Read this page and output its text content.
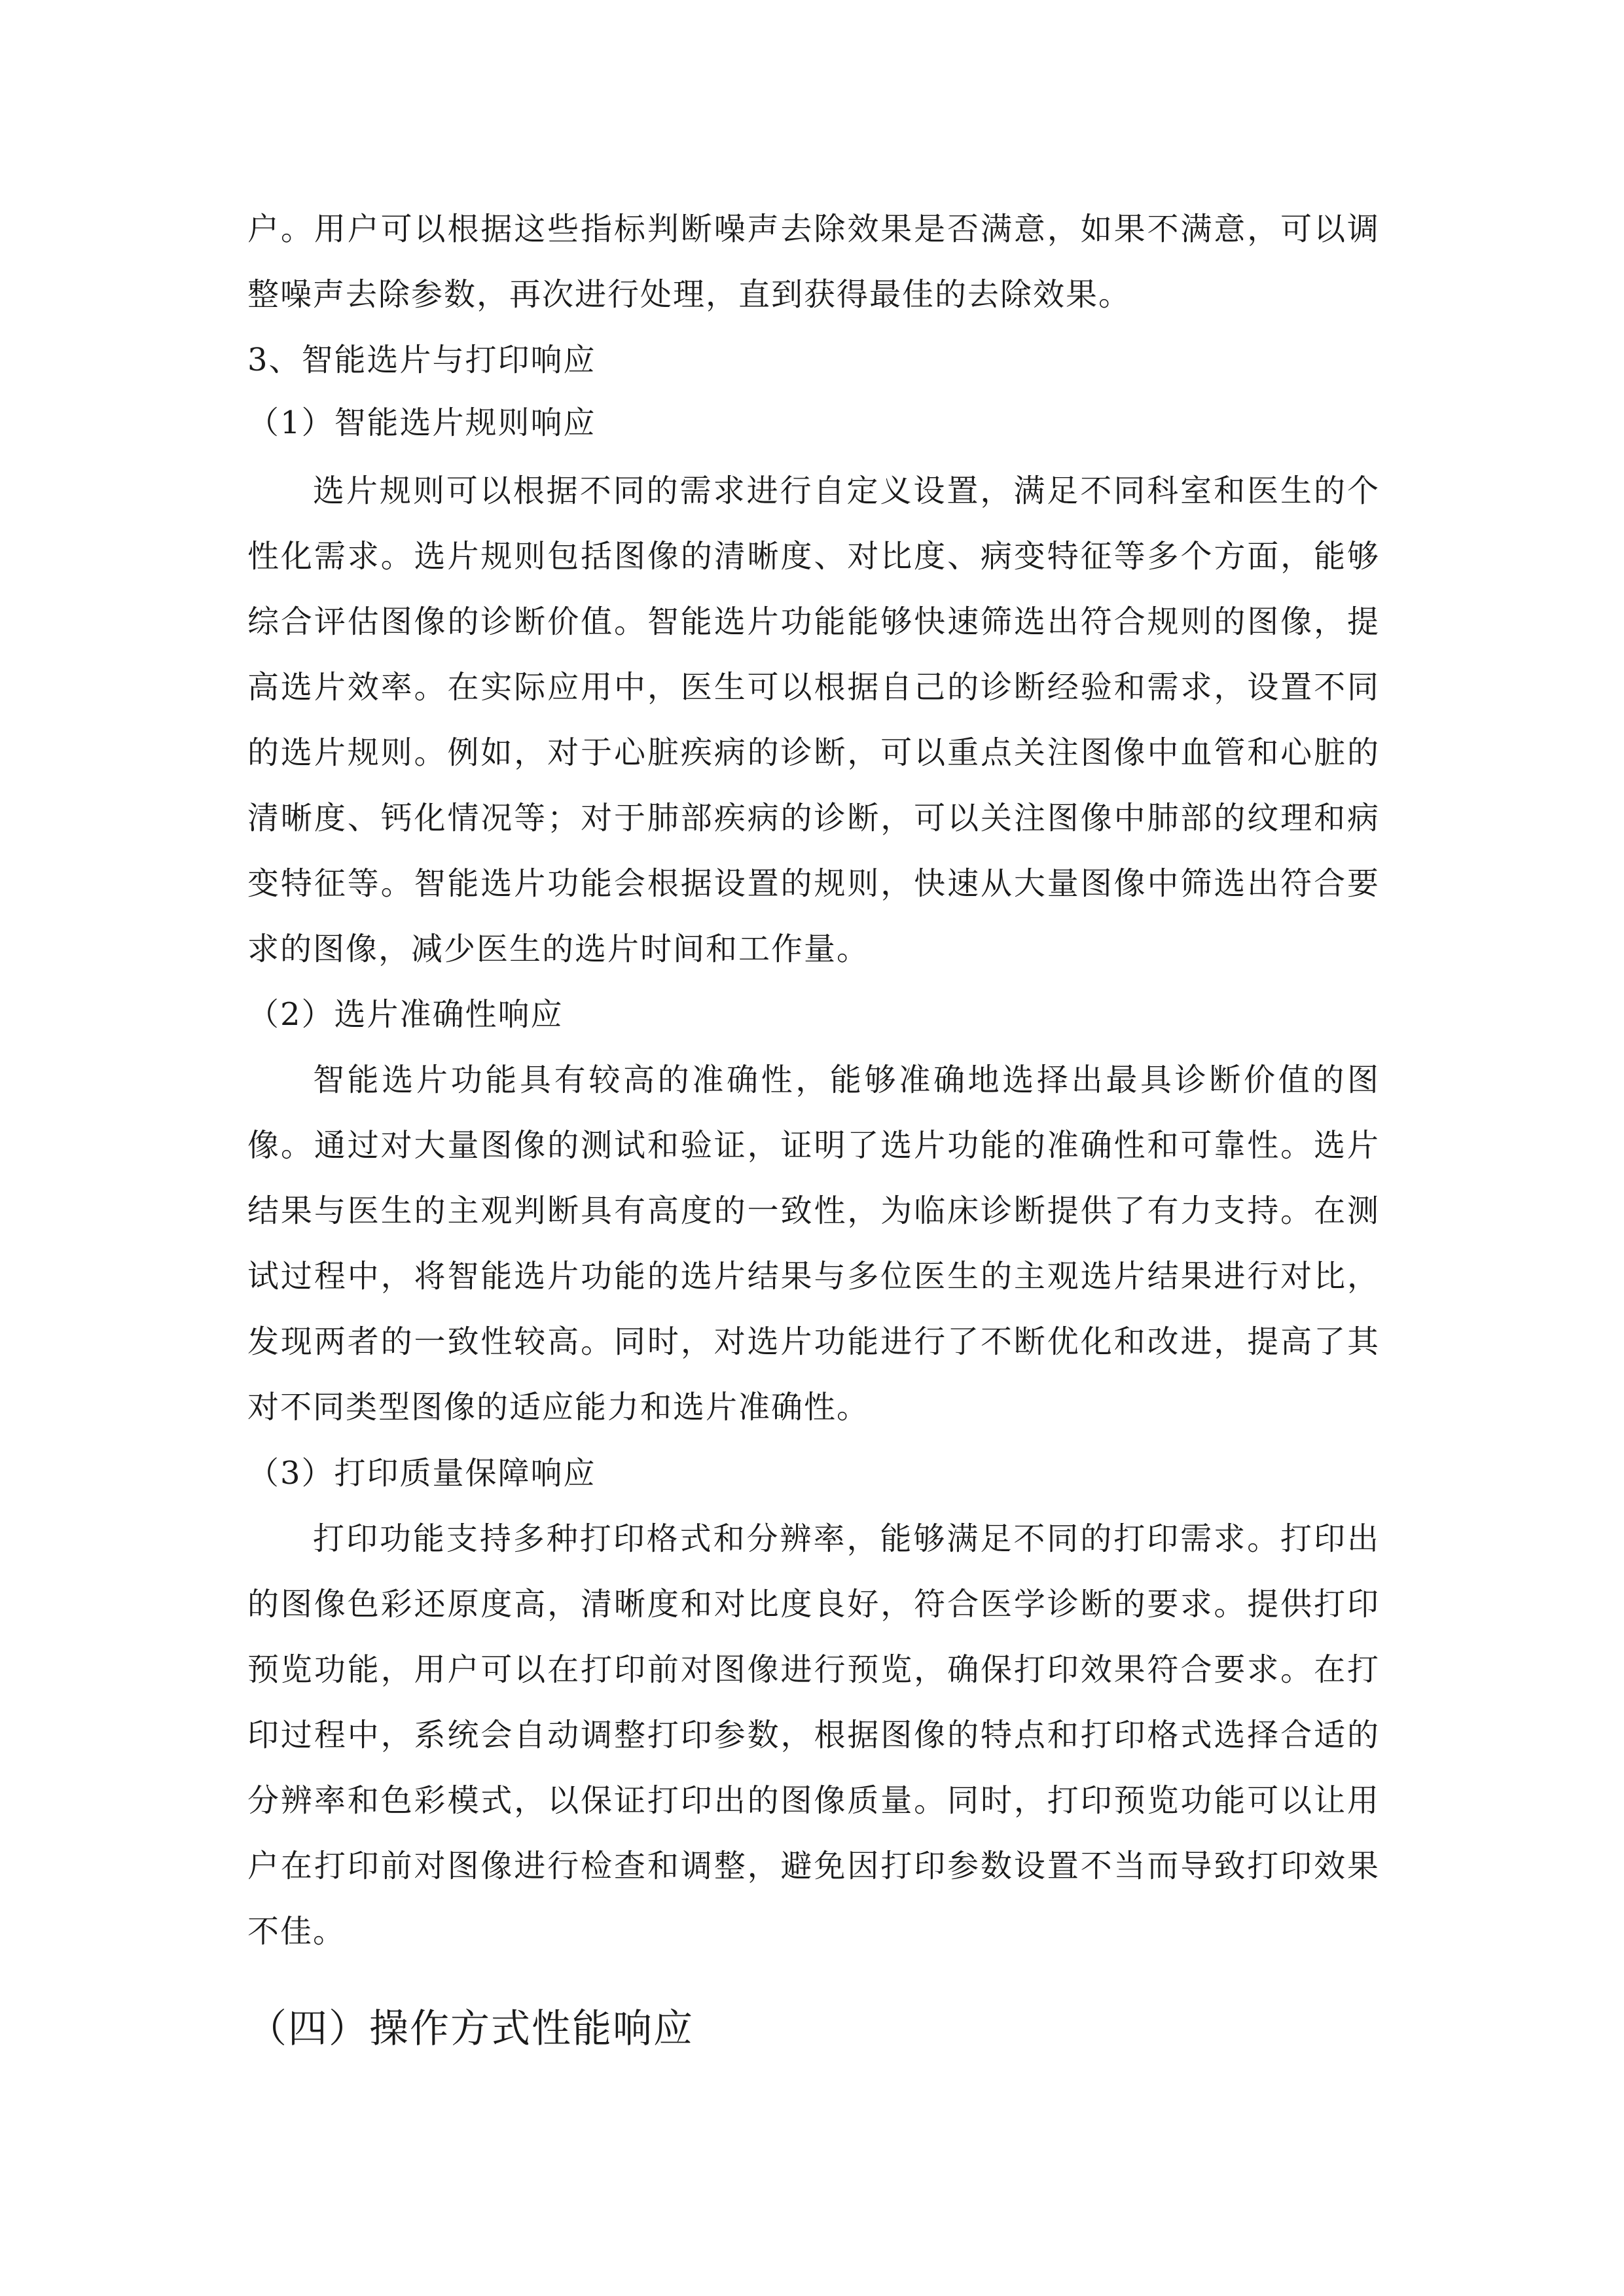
户。用户可以根据这些指标判断噪声去除效果是否满意，如果不满意，可以调整噪声去除参数，再次进行处理，直到获得最佳的去除效果。

3、智能选片与打印响应

（1）智能选片规则响应

选片规则可以根据不同的需求进行自定义设置，满足不同科室和医生的个性化需求。选片规则包括图像的清晰度、对比度、病变特征等多个方面，能够综合评估图像的诊断价值。智能选片功能能够快速筛选出符合规则的图像，提高选片效率。在实际应用中，医生可以根据自己的诊断经验和需求，设置不同的选片规则。例如，对于心脏疾病的诊断，可以重点关注图像中血管和心脏的清晰度、钙化情况等；对于肺部疾病的诊断，可以关注图像中肺部的纹理和病变特征等。智能选片功能会根据设置的规则，快速从大量图像中筛选出符合要求的图像，减少医生的选片时间和工作量。

（2）选片准确性响应

智能选片功能具有较高的准确性，能够准确地选择出最具诊断价值的图像。通过对大量图像的测试和验证，证明了选片功能的准确性和可靠性。选片结果与医生的主观判断具有高度的一致性，为临床诊断提供了有力支持。在测试过程中，将智能选片功能的选片结果与多位医生的主观选片结果进行对比，发现两者的一致性较高。同时，对选片功能进行了不断优化和改进，提高了其对不同类型图像的适应能力和选片准确性。

（3）打印质量保障响应

打印功能支持多种打印格式和分辨率，能够满足不同的打印需求。打印出的图像色彩还原度高，清晰度和对比度良好，符合医学诊断的要求。提供打印预览功能，用户可以在打印前对图像进行预览，确保打印效果符合要求。在打印过程中，系统会自动调整打印参数，根据图像的特点和打印格式选择合适的分辨率和色彩模式，以保证打印出的图像质量。同时，打印预览功能可以让用户在打印前对图像进行检查和调整，避免因打印参数设置不当而导致打印效果不佳。

（四）操作方式性能响应
